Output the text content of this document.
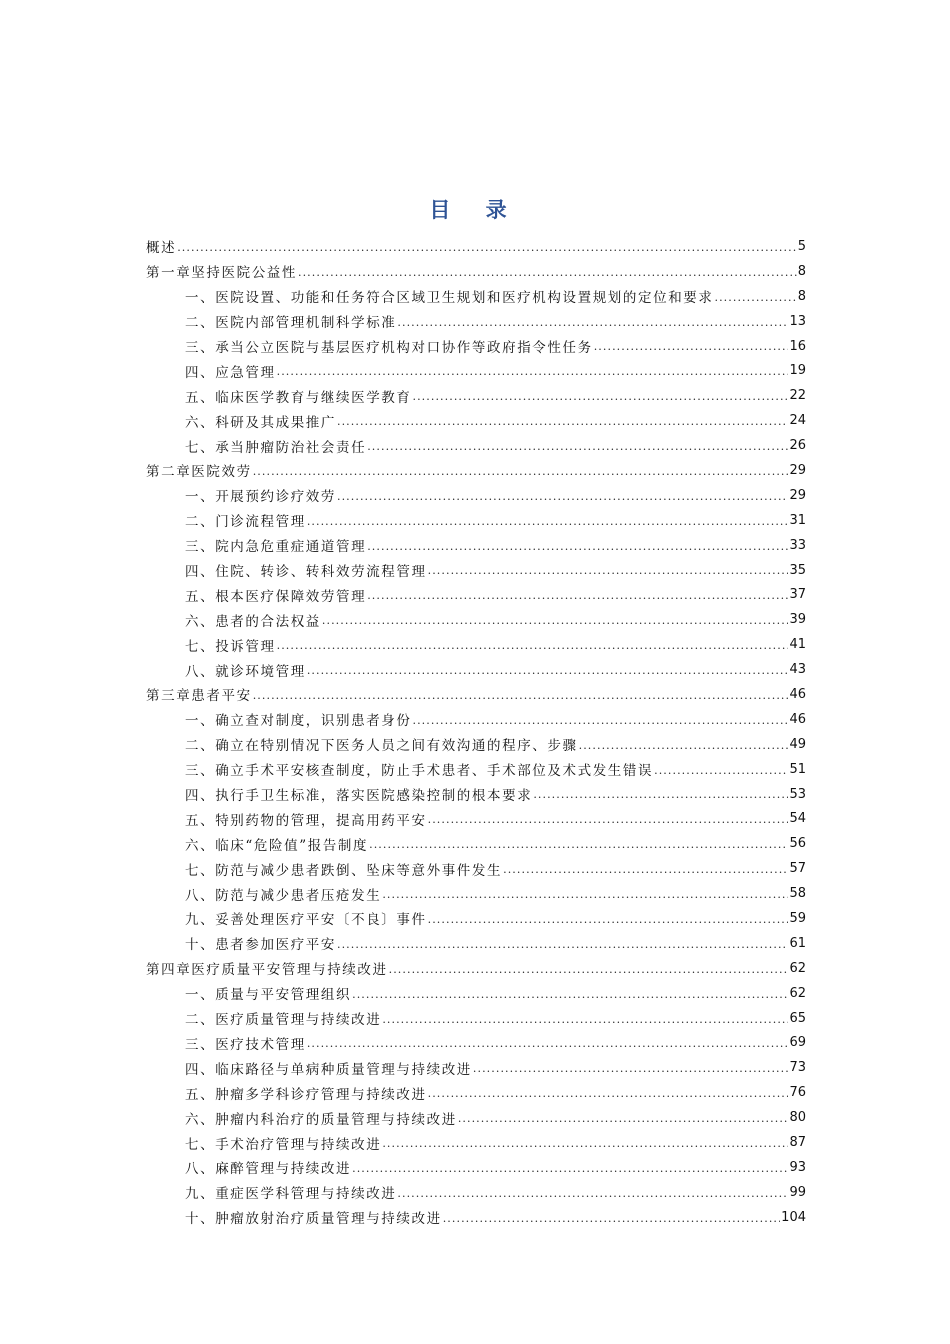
目 录
概述 . . .	5
第一章坚持医院公益性 . . .	8
一、医院设置、功能和任务符合区域卫生规划和医疗机构设置规划的定位和要求 . . .	8
二、医院内部管理机制科学标准 . . .	13
三、承当公立医院与基层医疗机构对口协作等政府指令性任务 . . .	16
四、应急管理 . . .	19
五、临床医学教育与继续医学教育 . . .	22
六、科研及其成果推广 . . .	24
七、承当肿瘤防治社会责任 . . .	26
第二章医院效劳 . . .	29
一、开展预约诊疗效劳 . . .	29
二、门诊流程管理 . . .	31
三、院内急危重症通道管理 . . .	33
四、住院、转诊、转科效劳流程管理 . . .	35
五、根本医疗保障效劳管理 . . .	37
六、患者的合法权益 . . .	39
七、投诉管理 . . .	41
八、就诊环境管理 . . .	43
第三章患者平安 . . .	46
一、确立查对制度，识别患者身份 . . .	46
二、确立在特别情况下医务人员之间有效沟通的程序、步骤 . . .	49
三、确立手术平安核查制度，防止手术患者、手术部位及术式发生错误 . . .	51
四、执行手卫生标准，落实医院感染控制的根本要求 . . .	53
五、特别药物的管理，提高用药平安 . . .	54
六、临床“危险值”报告制度 . . .	56
七、防范与减少患者跌倒、坠床等意外事件发生 . . .	57
八、防范与减少患者压疮发生 . . .	58
九、妥善处理医疗平安〔不良〕事件 . . .	59
十、患者参加医疗平安 . . .	61
第四章医疗质量平安管理与持续改进 . . .	62
一、质量与平安管理组织 . . .	62
二、医疗质量管理与持续改进 . . .	65
三、医疗技术管理 . . .	69
四、临床路径与单病种质量管理与持续改进 . . .	73
五、肿瘤多学科诊疗管理与持续改进 . . .	76
六、肿瘤内科治疗的质量管理与持续改进 . . .	80
七、手术治疗管理与持续改进 . . .	87
八、麻醉管理与持续改进 . . .	93
九、重症医学科管理与持续改进 . . .	99
十、肿瘤放射治疗质量管理与持续改进 . . .	104
